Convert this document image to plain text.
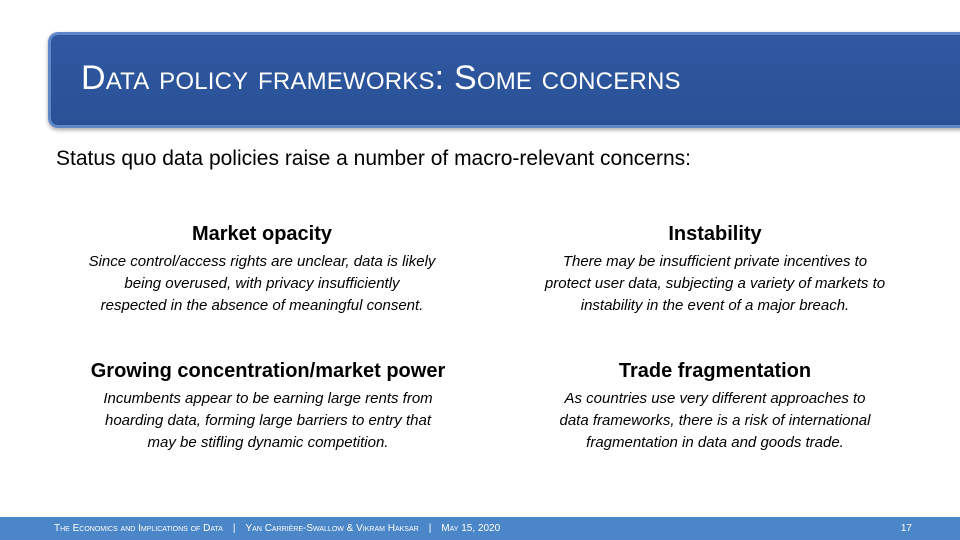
Data policy frameworks: Some concerns

Status quo data policies raise a number of macro-relevant concerns:

Market opacity

Since control/access rights are unclear, data is likely
being overused, with privacy insufficiently
respected in the absence of meaningful consent.

Instability

There may be insufficient private incentives to
protect user data, subjecting a variety of markets to
instability in the event of a major breach.

Growing concentration/market power

Incumbents appear to be earning large rents from
hoarding data, forming large barriers to entry that
may be stifling dynamic competition.

Trade fragmentation

As countries use very different approaches to
data frameworks, there is a risk of international
fragmentation in data and goods trade.

The Economics and Implications of Data | Yan Carrière-Swallow & Vikram Haksar | May 15, 2020	17
